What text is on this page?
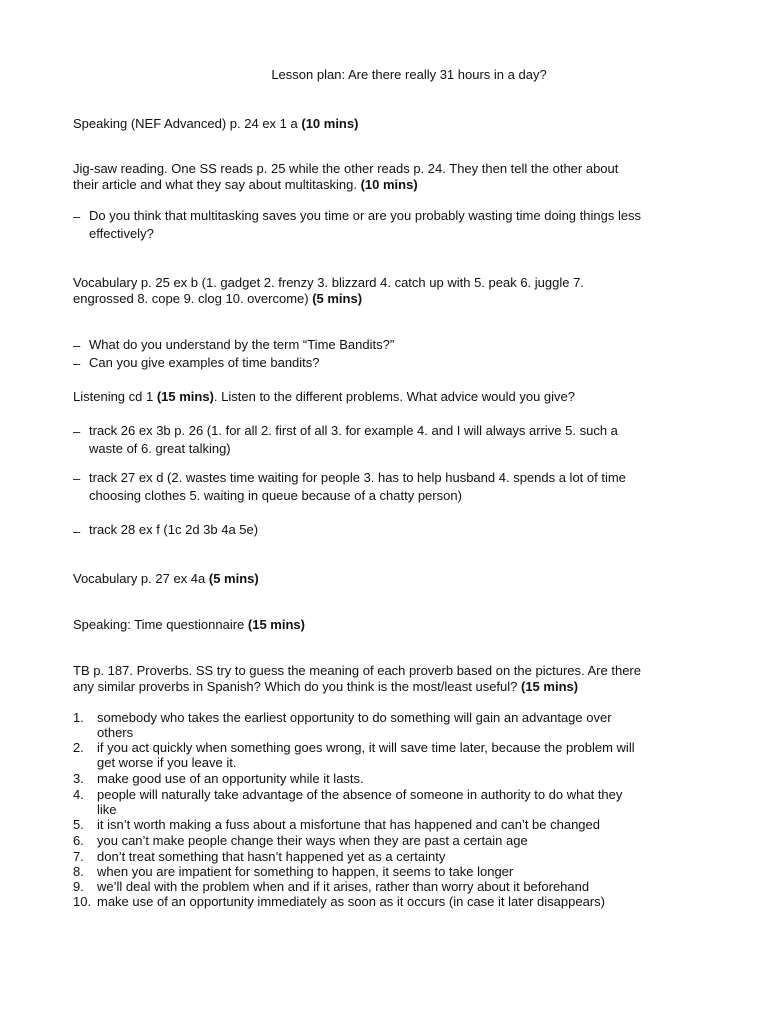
Lesson plan: Are there really 31 hours in a day?
Speaking (NEF Advanced) p. 24 ex 1 a (10 mins)
Jig-saw reading. One SS reads p. 25 while the other reads p. 24. They then tell the other about
their article and what they say about multitasking. (10 mins)
– Do you think that multitasking saves you time or are you probably wasting time doing things less
effectively?
Vocabulary p. 25 ex b (1. gadget 2. frenzy 3. blizzard 4. catch up with 5. peak 6. juggle 7.
engrossed 8. cope 9. clog 10. overcome) (5 mins)
– What do you understand by the term “Time Bandits?”
– Can you give examples of time bandits?
Listening cd 1 (15 mins). Listen to the different problems. What advice would you give?
– track 26 ex 3b p. 26 (1. for all 2. first of all 3. for example 4. and I will always arrive 5. such a
waste of 6. great talking)
– track 27 ex d (2. wastes time waiting for people 3. has to help husband 4. spends a lot of time
choosing clothes 5. waiting in queue because of a chatty person)
– track 28 ex f (1c 2d 3b 4a 5e)
Vocabulary p. 27 ex 4a (5 mins)
Speaking: Time questionnaire (15 mins)
TB p. 187. Proverbs. SS try to guess the meaning of each proverb based on the pictures. Are there
any similar proverbs in Spanish? Which do you think is the most/least useful? (15 mins)
1.	somebody who takes the earliest opportunity to do something will gain an advantage over
others
2.	if you act quickly when something goes wrong, it will save time later, because the problem will
get worse if you leave it.
3.	make good use of an opportunity while it lasts.
4.	people will naturally take advantage of the absence of someone in authority to do what they
like
5.	it isn’t worth making a fuss about a misfortune that has happened and can’t be changed
6.	you can’t make people change their ways when they are past a certain age
7.	don’t treat something that hasn’t happened yet as a certainty
8.	when you are impatient for something to happen, it seems to take longer
9.	we’ll deal with the problem when and if it arises, rather than worry about it beforehand
10. make use of an opportunity immediately as soon as it occurs (in case it later disappears)
